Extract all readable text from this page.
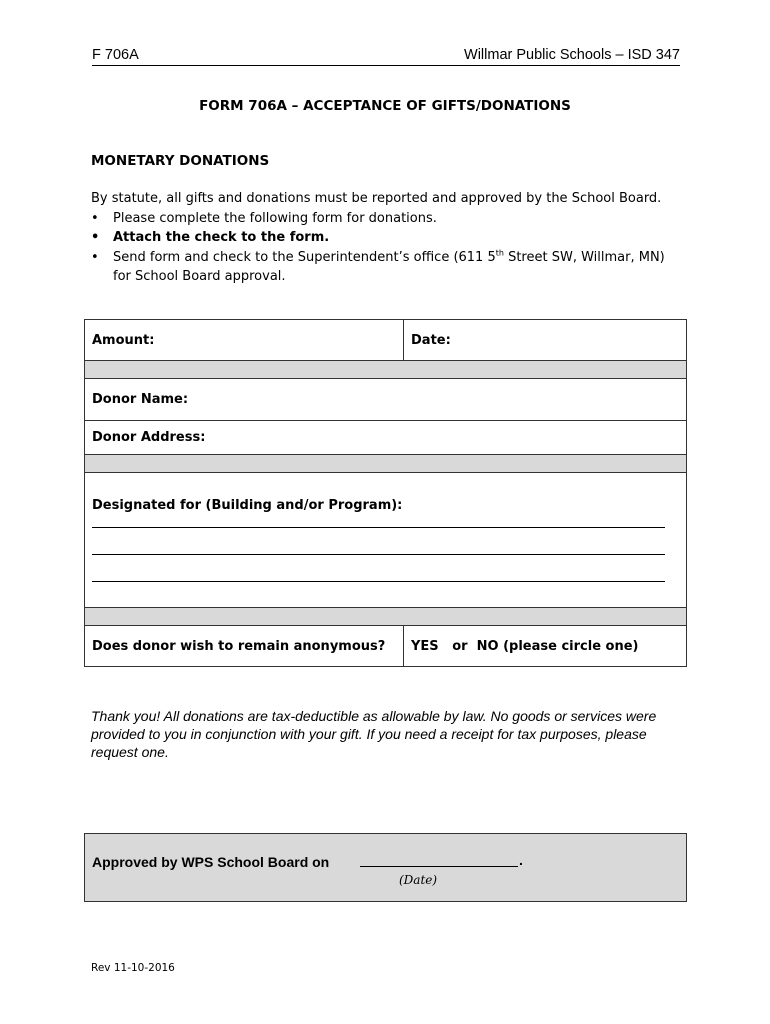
F 706A	Willmar Public Schools – ISD 347
FORM 706A – ACCEPTANCE OF GIFTS/DONATIONS
MONETARY DONATIONS
By statute, all gifts and donations must be reported and approved by the School Board.
• Please complete the following form for donations.
• Attach the check to the form.
• Send form and check to the Superintendent’s office (611 5th Street SW, Willmar, MN)
for School Board approval.
Amount:	Date:

Donor Name:	
Donor Address:	

Designated for (Building and/or Program):	

Does donor wish to remain anonymous?	YES   or  NO (please circle one)
Thank you! All donations are tax-deductible as allowable by law. No goods or services were provided to you in conjunction with your gift. If you need a receipt for tax purposes, please request one.
Approved by WPS School Board on	.
(Date)
Rev 11-10-2016
